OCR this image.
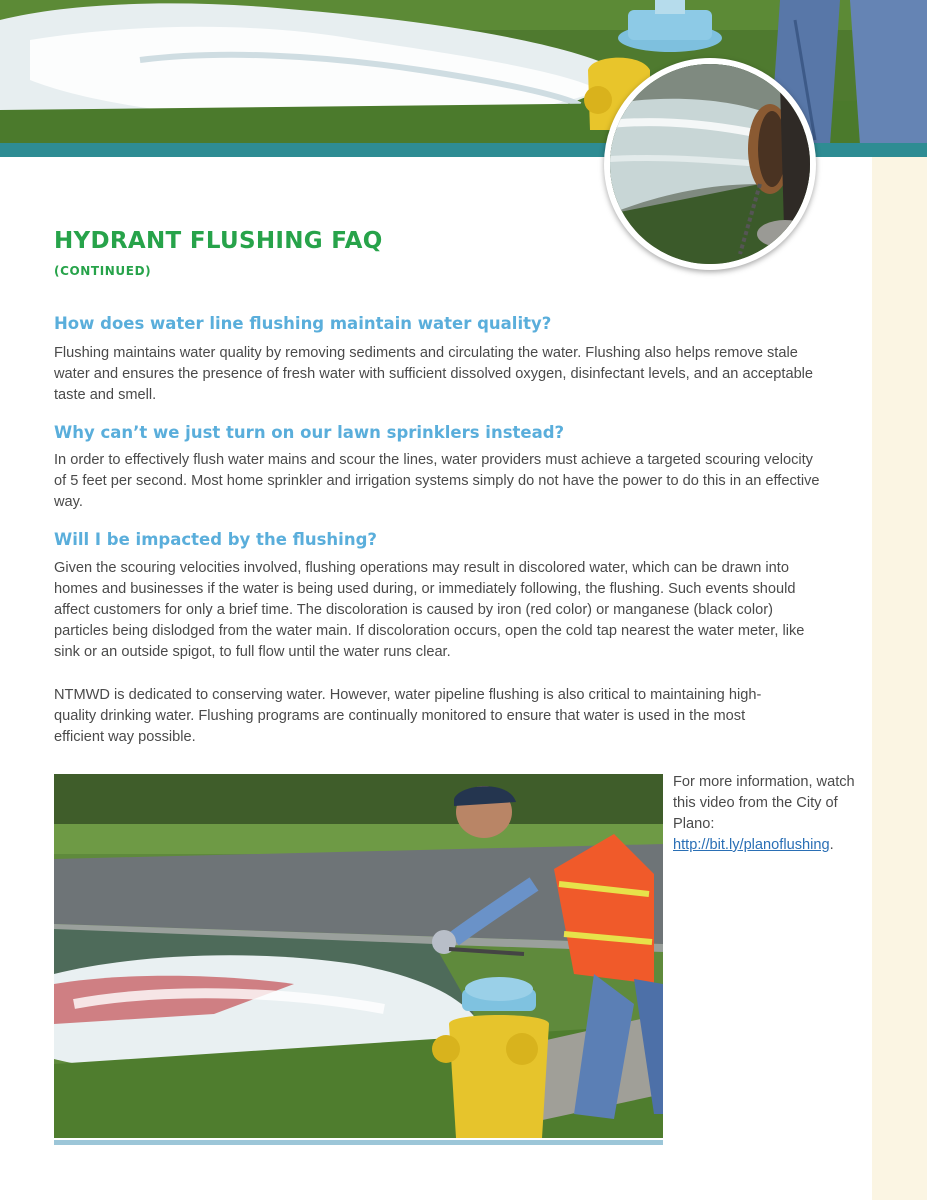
HYDRANT FLUSHING FAQ
(CONTINUED)
How does water line flushing maintain water quality?

Flushing maintains water quality by removing sediments and circulating the water. Flushing also helps remove stale water and ensures the presence of fresh water with sufficient dissolved oxygen, disinfectant levels, and an acceptable taste and smell.

Why can’t we just turn on our lawn sprinklers instead?

In order to effectively flush water mains and scour the lines, water providers must achieve a targeted scouring velocity of 5 feet per second. Most home sprinkler and irrigation systems simply do not have the power to do this in an effective way.

Will I be impacted by the flushing?

Given the scouring velocities involved, flushing operations may result in discolored water, which can be drawn into homes and businesses if the water is being used during, or immediately following, the flushing. Such events should affect customers for only a brief time. The discoloration is caused by iron (red color) or manganese (black color) particles being dislodged from the water main. If discoloration occurs, open the cold tap nearest the water meter, like sink or an outside spigot, to full flow until the water runs clear.

NTMWD is dedicated to conserving water. However, water pipeline flushing is also critical to maintaining high-quality drinking water. Flushing programs are continually monitored to ensure that water is used in the most efficient way possible.

For more information, watch this video from the City of Plano: http://bit.ly/planoflushing.
